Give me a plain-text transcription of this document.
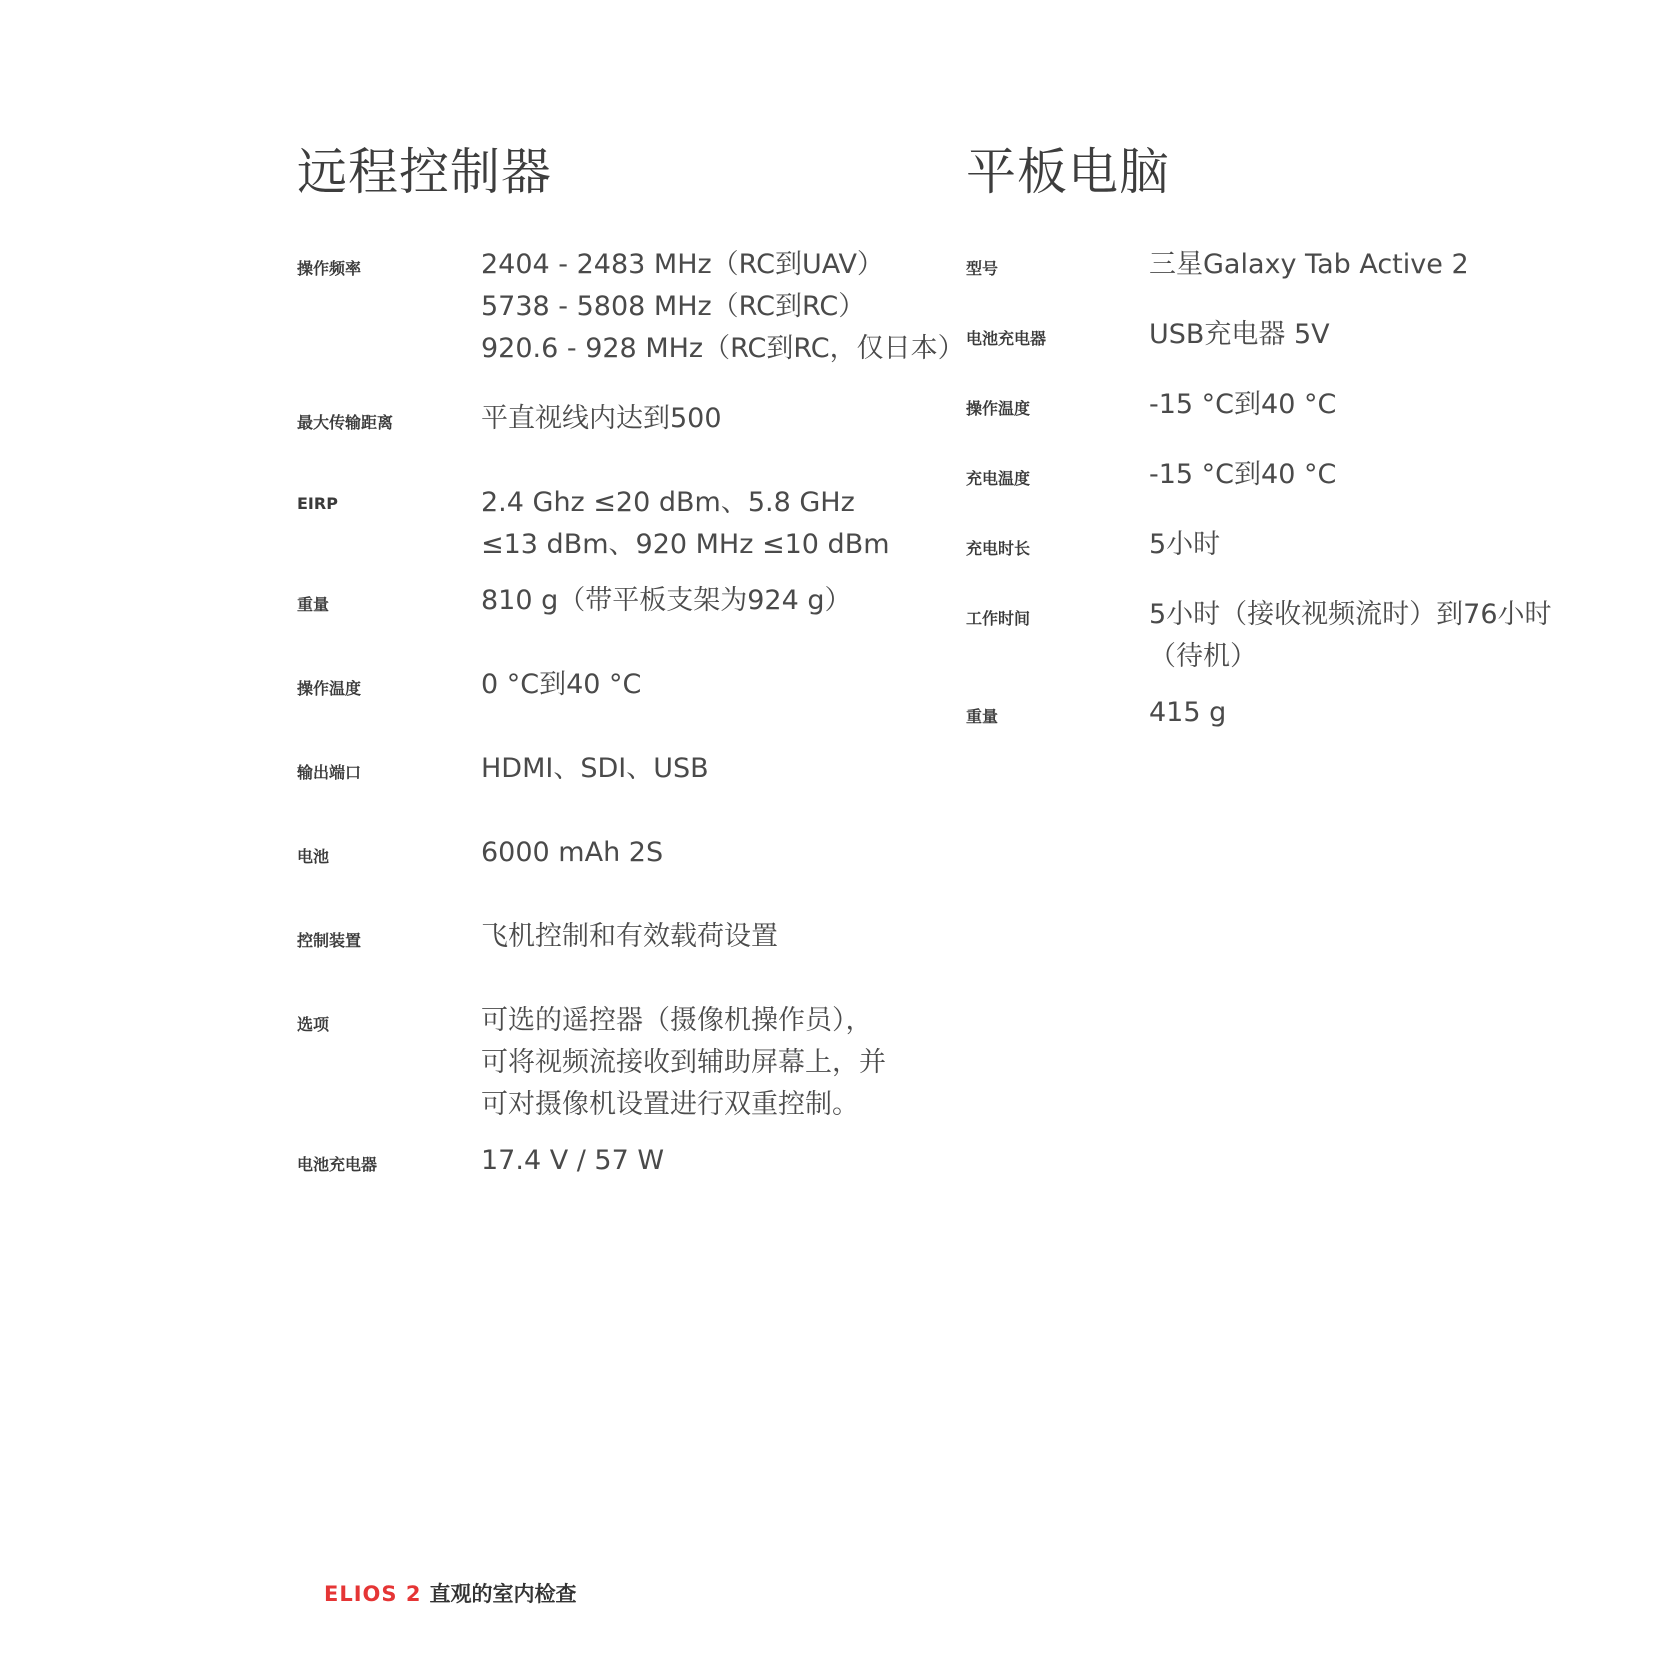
远程控制器
操作频率	2404 - 2483 MHz（RC到UAV）
5738 - 5808 MHz（RC到RC）
920.6 - 928 MHz（RC到RC，仅日本）
最大传输距离	平直视线内达到500
EIRP	2.4 Ghz ≤20 dBm、5.8 GHz ≤13 dBm、920 MHz ≤10 dBm
重量	810 g（带平板支架为924 g）
操作温度	0 °C到40 °C
输出端口	HDMI、SDI、USB
电池	6000 mAh 2S
控制装置	飞机控制和有效载荷设置
选项	可选的遥控器（摄像机操作员），可将视频流接收到辅助屏幕上，并可对摄像机设置进行双重控制。
电池充电器	17.4 V / 57 W
平板电脑
型号	三星Galaxy Tab Active 2
电池充电器	USB充电器 5V
操作温度	-15 °C到40 °C
充电温度	-15 °C到40 °C
充电时长	5小时
工作时间	5小时（接收视频流时）到76小时（待机）
重量	415 g
ELIOS 2 直观的室内检查
